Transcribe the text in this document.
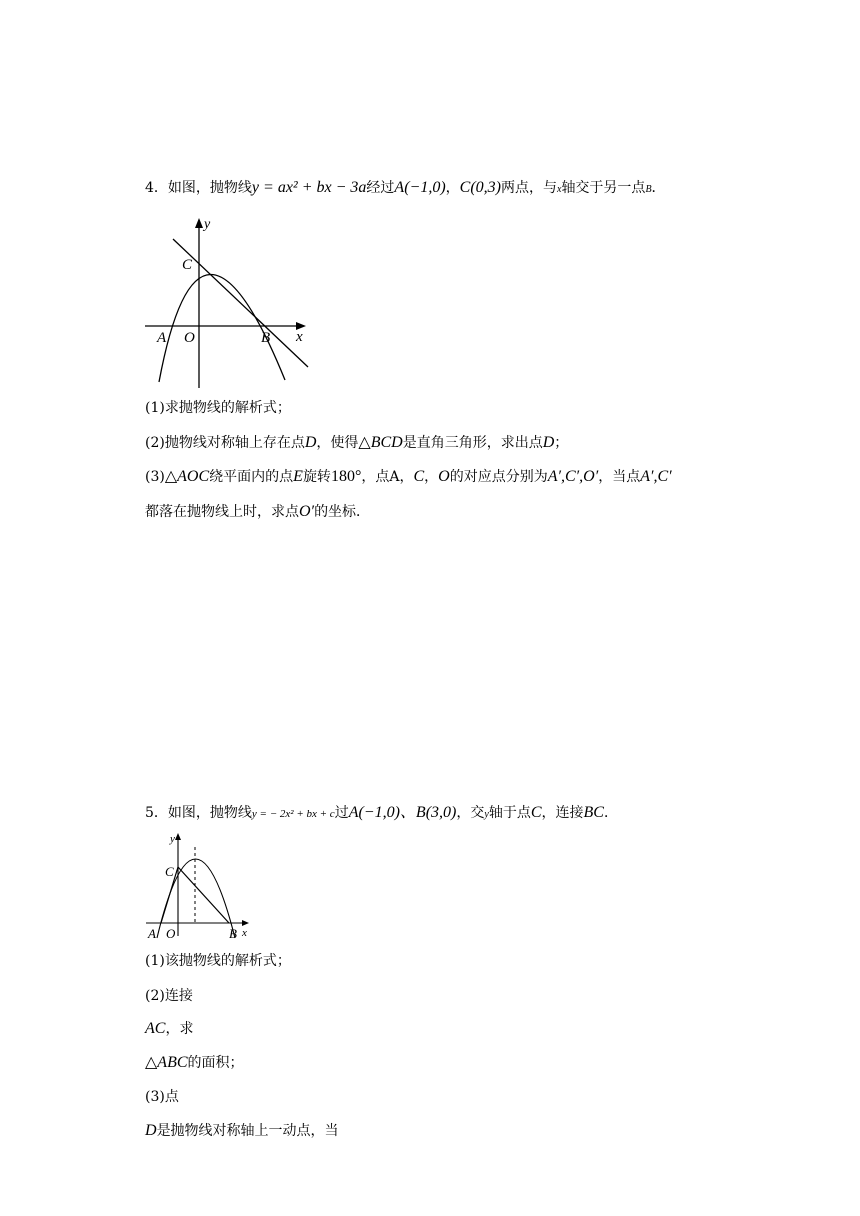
4．如图，抛物线y = ax² + bx − 3a经过A(−1,0)，C(0,3)两点，与x轴交于另一点B．
y
x
C
A O	B
(1)求抛物线的解析式；
(2)抛物线对称轴上存在点D，使得△BCD是直角三角形，求出点D；
(3)△AOC绕平面内的点E旋转180°，点A，C，O的对应点分别为A′,C′,O′，当点A′,C′
都落在抛物线上时，求点O′的坐标．
5．如图，抛物线y = − 2x² + bx + c过A(−1,0)、B(3,0)，交y轴于点C，连接BC．
y
x
C
A O	B
(1)该抛物线的解析式；
(2)连接
AC，求
△ABC的面积；
(3)点
D是抛物线对称轴上一动点，当
